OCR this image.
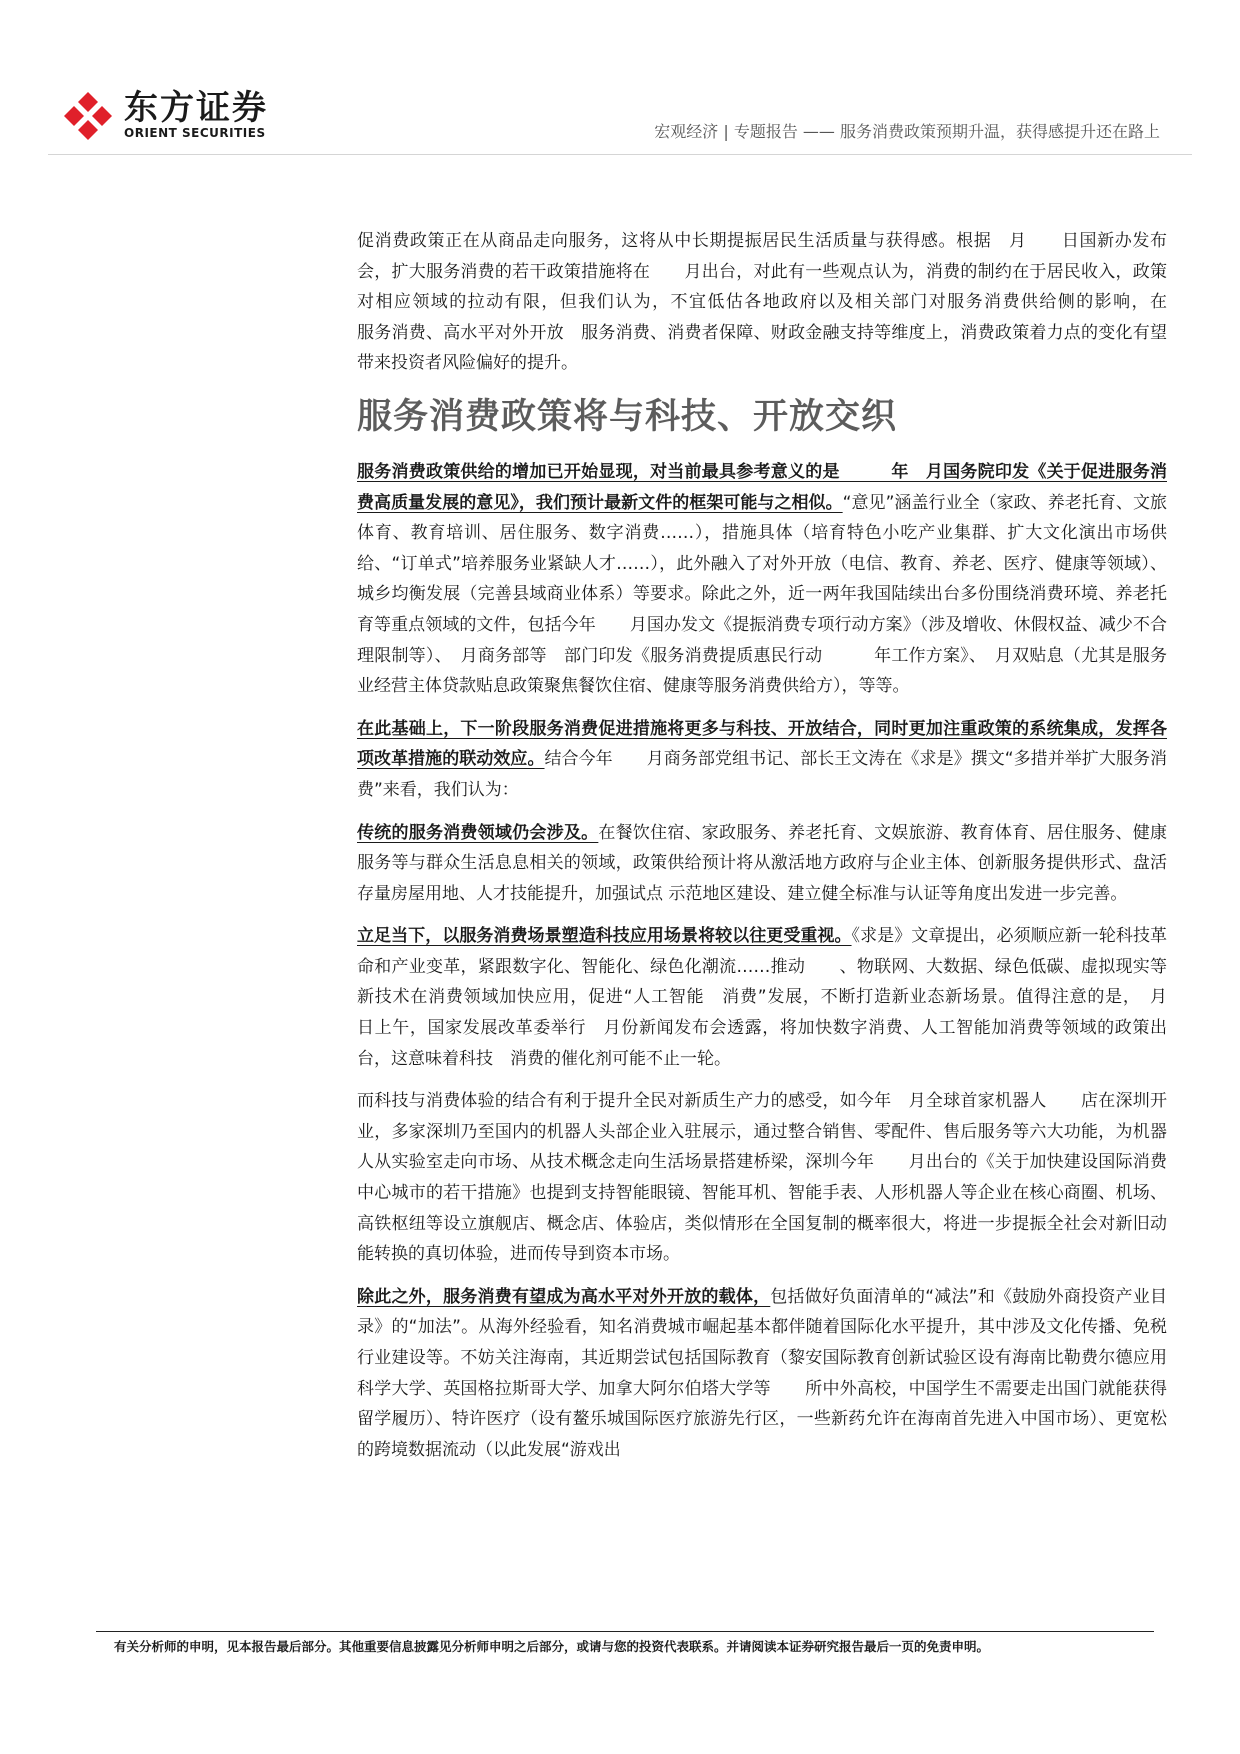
东方证券
ORIENT SECURITIES	宏观经济 | 专题报告 —— 服务消费政策预期升温，获得感提升还在路上

促消费政策正在从商品走向服务，这将从中长期提振居民生活质量与获得感。根据　月　　日国新办发布会，扩大服务消费的若干政策措施将在　　月出台，对此有一些观点认为，消费的制约在于居民收入，政策对相应领域的拉动有限，但我们认为，不宜低估各地政府以及相关部门对服务消费供给侧的影响，在　　　服务消费、高水平对外开放　服务消费、消费者保障、财政金融支持等维度上，消费政策着力点的变化有望带来投资者风险偏好的提升。

服务消费政策将与科技、开放交织

服务消费政策供给的增加已开始显现，对当前最具参考意义的是　　　年　月国务院印发《关于促进服务消费高质量发展的意见》，我们预计最新文件的框架可能与之相似。“意见”涵盖行业全（家政、养老托育、文旅体育、教育培训、居住服务、数字消费……），措施具体（培育特色小吃产业集群、扩大文化演出市场供给、“订单式”培养服务业紧缺人才……），此外融入了对外开放（电信、教育、养老、医疗、健康等领域）、城乡均衡发展（完善县域商业体系）等要求。除此之外，近一两年我国陆续出台多份围绕消费环境、养老托育等重点领域的文件，包括今年　　月国办发文《提振消费专项行动方案》（涉及增收、休假权益、减少不合理限制等）、　月商务部等　部门印发《服务消费提质惠民行动　　　年工作方案》、　月双贴息（尤其是服务业经营主体贷款贴息政策聚焦餐饮住宿、健康等服务消费供给方），等等。

在此基础上，下一阶段服务消费促进措施将更多与科技、开放结合，同时更加注重政策的系统集成，发挥各项改革措施的联动效应。结合今年　　月商务部党组书记、部长王文涛在《求是》撰文“多措并举扩大服务消费”来看，我们认为：

传统的服务消费领域仍会涉及。在餐饮住宿、家政服务、养老托育、文娱旅游、教育体育、居住服务、健康服务等与群众生活息息相关的领域，政策供给预计将从激活地方政府与企业主体、创新服务提供形式、盘活存量房屋用地、人才技能提升，加强试点 示范地区建设、建立健全标准与认证等角度出发进一步完善。

立足当下，以服务消费场景塑造科技应用场景将较以往更受重视。《求是》文章提出，必须顺应新一轮科技革命和产业变革，紧跟数字化、智能化、绿色化潮流……推动　　、物联网、大数据、绿色低碳、虚拟现实等新技术在消费领域加快应用，促进“人工智能　消费”发展，不断打造新业态新场景。值得注意的是，　月　　日上午，国家发展改革委举行　月份新闻发布会透露，将加快数字消费、人工智能加消费等领域的政策出台，这意味着科技　消费的催化剂可能不止一轮。

而科技与消费体验的结合有利于提升全民对新质生产力的感受，如今年　月全球首家机器人　　店在深圳开业，多家深圳乃至国内的机器人头部企业入驻展示，通过整合销售、零配件、售后服务等六大功能，为机器人从实验室走向市场、从技术概念走向生活场景搭建桥梁，深圳今年　　月出台的《关于加快建设国际消费中心城市的若干措施》也提到支持智能眼镜、智能耳机、智能手表、人形机器人等企业在核心商圈、机场、高铁枢纽等设立旗舰店、概念店、体验店，类似情形在全国复制的概率很大，将进一步提振全社会对新旧动能转换的真切体验，进而传导到资本市场。

除此之外，服务消费有望成为高水平对外开放的载体，包括做好负面清单的“减法”和《鼓励外商投资产业目录》的“加法”。从海外经验看，知名消费城市崛起基本都伴随着国际化水平提升，其中涉及文化传播、免税行业建设等。不妨关注海南，其近期尝试包括国际教育（黎安国际教育创新试验区设有海南比勒费尔德应用科学大学、英国格拉斯哥大学、加拿大阿尔伯塔大学等　　所中外高校，中国学生不需要走出国门就能获得留学履历）、特许医疗（设有鳌乐城国际医疗旅游先行区，一些新药允许在海南首先进入中国市场）、更宽松的跨境数据流动（以此发展“游戏出

有关分析师的申明，见本报告最后部分。其他重要信息披露见分析师申明之后部分，或请与您的投资代表联系。并请阅读本证券研究报告最后一页的免责申明。
